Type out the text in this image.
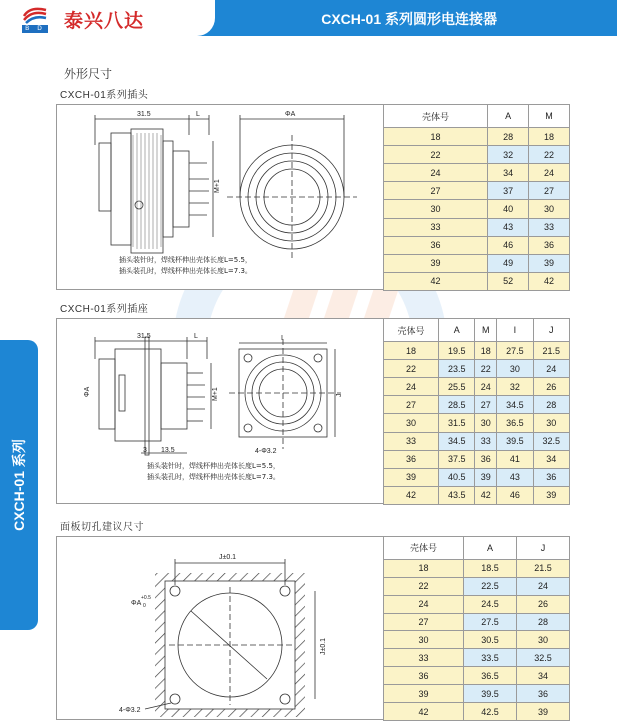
B D 泰兴八达	CXCH-01 系列圆形电连接器
CXCH-01 系列
外形尺寸
CXCH-01系列插头
31.5	L	ΦA
M+1
插头装针时，焊线杯伸出壳体长度L=5.5，
插头装孔时，焊线杯伸出壳体长度L=7.3。
壳体号	A	M
18	28	18
22	32	22
24	34	24
27	37	27
30	40	30
33	43	33
36	46	36
39	49	39
42	52	42
CXCH-01系列插座
31.5	L
ΦA	M+1
3 13.5	4-Φ3.2
I
J
插头装针时，焊线杯伸出壳体长度L=5.5，
插头装孔时，焊线杯伸出壳体长度L=7.3。
壳体号	A	M	I	J
18	19.5	18	27.5	21.5
22	23.5	22	30	24
24	25.5	24	32	26
27	28.5	27	34.5	28
30	31.5	30	36.5	30
33	34.5	33	39.5	32.5
36	37.5	36	41	34
39	40.5	39	43	36
42	43.5	42	46	39
面板切孔建议尺寸
J±0.1
J±0.1
ΦA
+0.5
0
4-Φ3.2
壳体号	A	J
18	18.5	21.5
22	22.5	24
24	24.5	26
27	27.5	28
30	30.5	30
33	33.5	32.5
36	36.5	34
39	39.5	36
42	42.5	39
